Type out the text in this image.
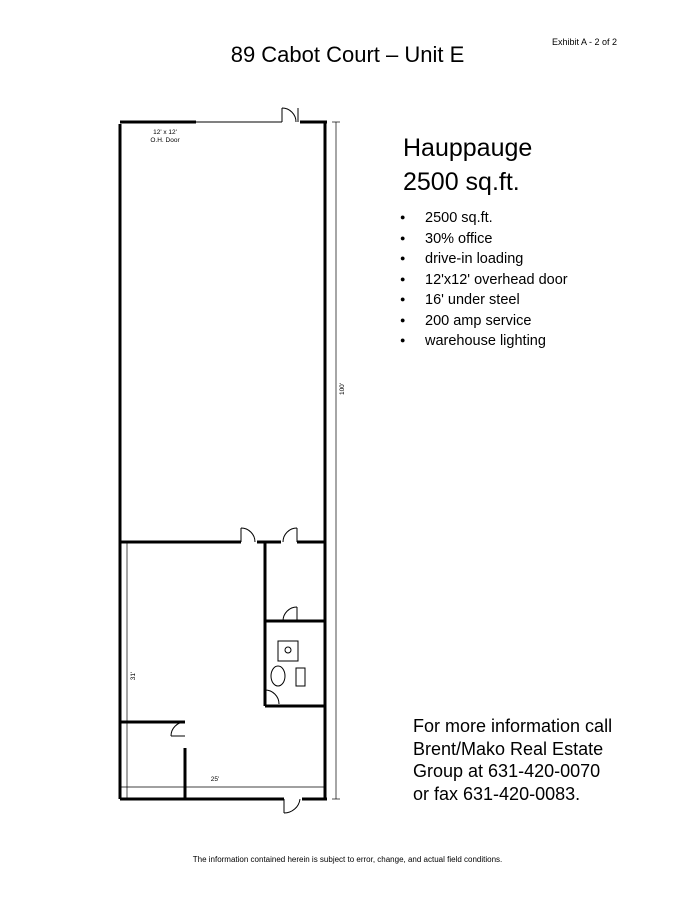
Exhibit A - 2 of 2
89 Cabot Court – Unit E
12' x 12'
O.H. Door
100'
31'
25'
Hauppauge
2500 sq.ft.
● 2500 sq.ft.
● 30% office
● drive-in loading
● 12'x12' overhead door
● 16' under steel
● 200 amp service
● warehouse lighting
For more information call
Brent/Mako Real Estate
Group at 631-420-0070
or fax 631-420-0083.
The information contained herein is subject to error, change, and actual field conditions.
